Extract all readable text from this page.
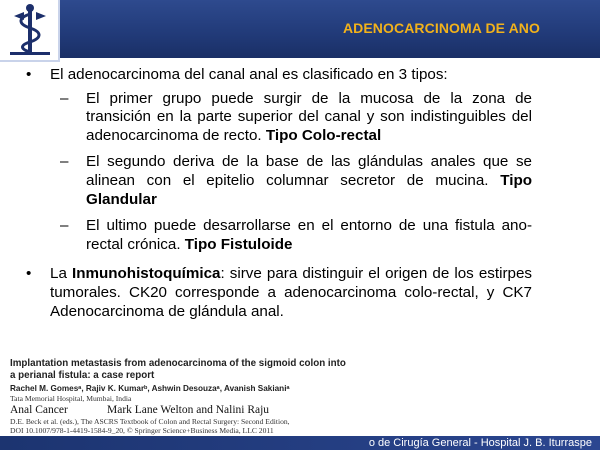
ADENOCARCINOMA DE ANO
•	El adenocarcinoma del canal anal es clasificado en 3 tipos:
–	El primer grupo puede surgir de la mucosa de la zona de transición en la parte superior del canal y son indistinguibles del adenocarcinoma de recto. Tipo Colo-rectal
–	El segundo deriva de la base de las glándulas anales que se alinean con el epitelio columnar secretor de mucina. Tipo Glandular
–	El ultimo puede desarrollarse en el entorno de una fistula ano-rectal crónica. Tipo Fistuloide
•	La Inmunohistoquímica: sirve para distinguir el origen de los estirpes tumorales. CK20 corresponde a adenocarcinoma colo-rectal, y CK7 Adenocarcinoma de glándula anal.
Implantation metastasis from adenocarcinoma of the sigmoid colon into a perianal fistula: a case report
Rachel M. Gomesᵃ, Rajiv K. Kumarᵇ, Ashwin Desouzaᵃ, Avanish Sakianiᵃ
Tata Memorial Hospital, Mumbai, India
Anal Cancer	Mark Lane Welton and Nalini Raju
D.E. Beck et al. (eds.), The ASCRS Textbook of Colon and Rectal Surgery: Second Edition,
DOI 10.1007/978-1-4419-1584-9_20, © Springer Science+Business Media, LLC 2011
o de Cirugía General - Hospital J. B. Iturraspe
